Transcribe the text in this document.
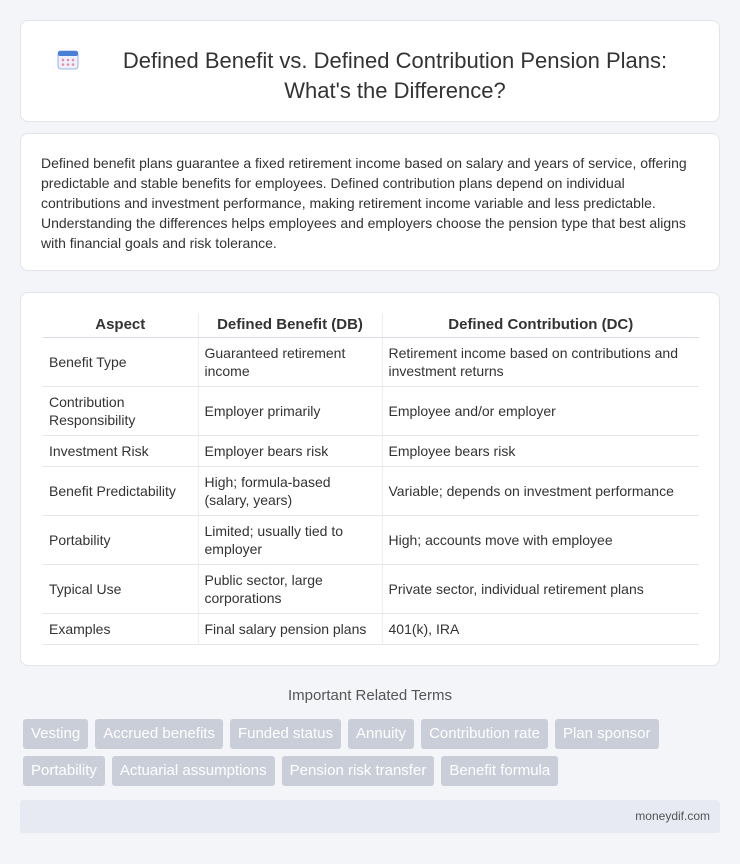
Defined Benefit vs. Defined Contribution Pension Plans: What's the Difference?

Defined benefit plans guarantee a fixed retirement income based on salary and years of service, offering predictable and stable benefits for employees. Defined contribution plans depend on individual contributions and investment performance, making retirement income variable and less predictable. Understanding the differences helps employees and employers choose the pension type that best aligns with financial goals and risk tolerance.

Aspect	Defined Benefit (DB)	Defined Contribution (DC)
Benefit Type	Guaranteed retirement income	Retirement income based on contributions and investment returns
Contribution Responsibility	Employer primarily	Employee and/or employer
Investment Risk	Employer bears risk	Employee bears risk
Benefit Predictability	High; formula-based (salary, years)	Variable; depends on investment performance
Portability	Limited; usually tied to employer	High; accounts move with employee
Typical Use	Public sector, large corporations	Private sector, individual retirement plans
Examples	Final salary pension plans	401(k), IRA
Important Related Terms
Vesting	Accrued benefits	Funded status	Annuity	Contribution rate	Plan sponsor
Portability	Actuarial assumptions	Pension risk transfer	Benefit formula
moneydif.com
